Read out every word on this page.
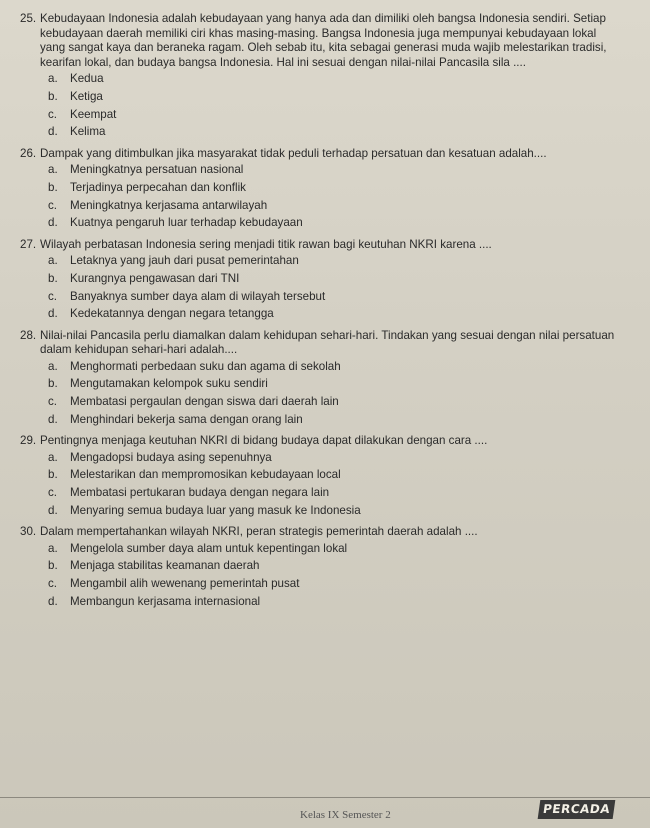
25. Kebudayaan Indonesia adalah kebudayaan yang hanya ada dan dimiliki oleh bangsa Indonesia sendiri. Setiap kebudayaan daerah memiliki ciri khas masing-masing. Bangsa Indonesia juga mempunyai kebudayaan lokal yang sangat kaya dan beraneka ragam. Oleh sebab itu, kita sebagai generasi muda wajib melestarikan tradisi, kearifan lokal, dan budaya bangsa Indonesia. Hal ini sesuai dengan nilai-nilai Pancasila sila ....
a.	Kedua
b.	Ketiga
c.	Keempat
d.	Kelima
26. Dampak yang ditimbulkan jika masyarakat tidak peduli terhadap persatuan dan kesatuan adalah....
a.	Meningkatnya persatuan nasional
b.	Terjadinya perpecahan dan konflik
c.	Meningkatnya kerjasama antarwilayah
d.	Kuatnya pengaruh luar terhadap kebudayaan
27. Wilayah perbatasan Indonesia sering menjadi titik rawan bagi keutuhan NKRI karena ....
a.	Letaknya yang jauh dari pusat pemerintahan
b.	Kurangnya pengawasan dari TNI
c.	Banyaknya sumber daya alam di wilayah tersebut
d.	Kedekatannya dengan negara tetangga
28. Nilai-nilai Pancasila perlu diamalkan dalam kehidupan sehari-hari. Tindakan yang sesuai dengan nilai persatuan dalam kehidupan sehari-hari adalah....
a.	Menghormati perbedaan suku dan agama di sekolah
b.	Mengutamakan kelompok suku sendiri
c.	Membatasi pergaulan dengan siswa dari daerah lain
d.	Menghindari bekerja sama dengan orang lain
29. Pentingnya menjaga keutuhan NKRI di bidang budaya dapat dilakukan dengan cara ....
a.	Mengadopsi budaya asing sepenuhnya
b.	Melestarikan dan mempromosikan kebudayaan local
c.	Membatasi pertukaran budaya dengan negara lain
d.	Menyaring semua budaya luar yang masuk ke Indonesia
30. Dalam mempertahankan wilayah NKRI, peran strategis pemerintah daerah adalah ....
a.	Mengelola sumber daya alam untuk kepentingan lokal
b.	Menjaga stabilitas keamanan daerah
c.	Mengambil alih wewenang pemerintah pusat
d.	Membangun kerjasama internasional
Kelas IX Semester 2	PERCADA
